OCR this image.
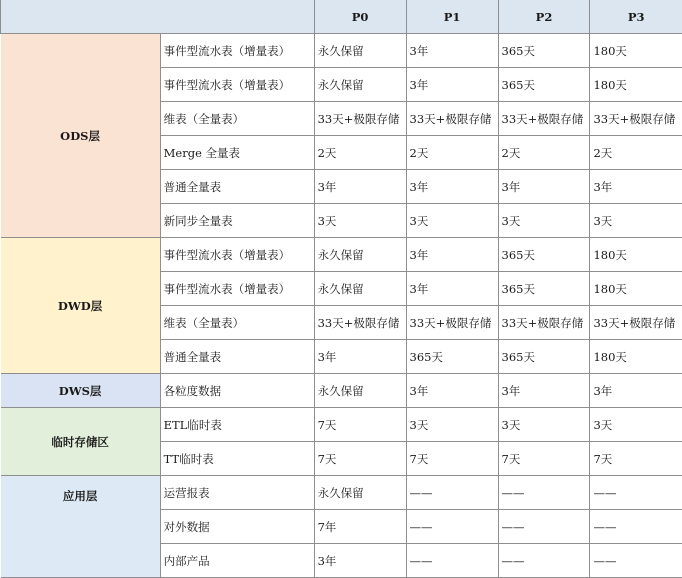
		P0	P1	P2	P3
ODS层	事件型流水表（增量表）	永久保留	3年	365天	180天
	事件型流水表（增量表）	永久保留	3年	365天	180天
	维表（全量表）	33天+极限存储	33天+极限存储	33天+极限存储	33天+极限存储
	Merge 全量表	2天	2天	2天	2天
	普通全量表	3年	3年	3年	3年
	新同步全量表	3天	3天	3天	3天
DWD层	事件型流水表（增量表）	永久保留	3年	365天	180天
	事件型流水表（增量表）	永久保留	3年	365天	180天
	维表（全量表）	33天+极限存储	33天+极限存储	33天+极限存储	33天+极限存储
	普通全量表	3年	365天	365天	180天
DWS层	各粒度数据	永久保留	3年	3年	3年
临时存储区	ETL临时表	7天	3天	3天	3天
	TT临时表	7天	7天	7天	7天
应用层	运营报表	永久保留	——	——	——
	对外数据	7年	——	——	——
	内部产品	3年	——	——	——
